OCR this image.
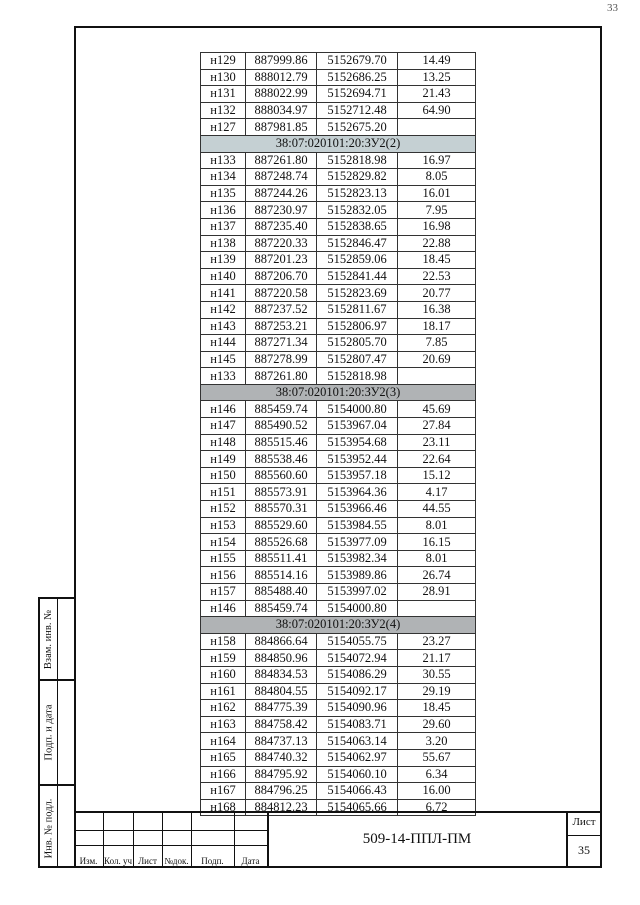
33
н129	887999.86	5152679.70	14.49
н130	888012.79	5152686.25	13.25
н131	888022.99	5152694.71	21.43
н132	888034.97	5152712.48	64.90
н127	887981.85	5152675.20	
38:07:020101:20:ЗУ2(2)			
н133	887261.80	5152818.98	16.97
н134	887248.74	5152829.82	8.05
н135	887244.26	5152823.13	16.01
н136	887230.97	5152832.05	7.95
н137	887235.40	5152838.65	16.98
н138	887220.33	5152846.47	22.88
н139	887201.23	5152859.06	18.45
н140	887206.70	5152841.44	22.53
н141	887220.58	5152823.69	20.77
н142	887237.52	5152811.67	16.38
н143	887253.21	5152806.97	18.17
н144	887271.34	5152805.70	7.85
н145	887278.99	5152807.47	20.69
н133	887261.80	5152818.98	
38:07:020101:20:ЗУ2(3)			
н146	885459.74	5154000.80	45.69
н147	885490.52	5153967.04	27.84
н148	885515.46	5153954.68	23.11
н149	885538.46	5153952.44	22.64
н150	885560.60	5153957.18	15.12
н151	885573.91	5153964.36	4.17
н152	885570.31	5153966.46	44.55
н153	885529.60	5153984.55	8.01
н154	885526.68	5153977.09	16.15
н155	885511.41	5153982.34	8.01
н156	885514.16	5153989.86	26.74
н157	885488.40	5153997.02	28.91
н146	885459.74	5154000.80	
38:07:020101:20:ЗУ2(4)			
н158	884866.64	5154055.75	23.27
н159	884850.96	5154072.94	21.17
н160	884834.53	5154086.29	30.55
н161	884804.55	5154092.17	29.19
н162	884775.39	5154090.96	18.45
н163	884758.42	5154083.71	29.60
н164	884737.13	5154063.14	3.20
н165	884740.32	5154062.97	55.67
н166	884795.92	5154060.10	6.34
н167	884796.25	5154066.43	16.00
н168	884812.23	5154065.66	6.72
Взам. инв. №
Подп. и дата
Инв. № подл.
Изм. Кол. уч Лист №док.	Подп.	Дата
509-14-ППЛ-ПМ
Лист
35
